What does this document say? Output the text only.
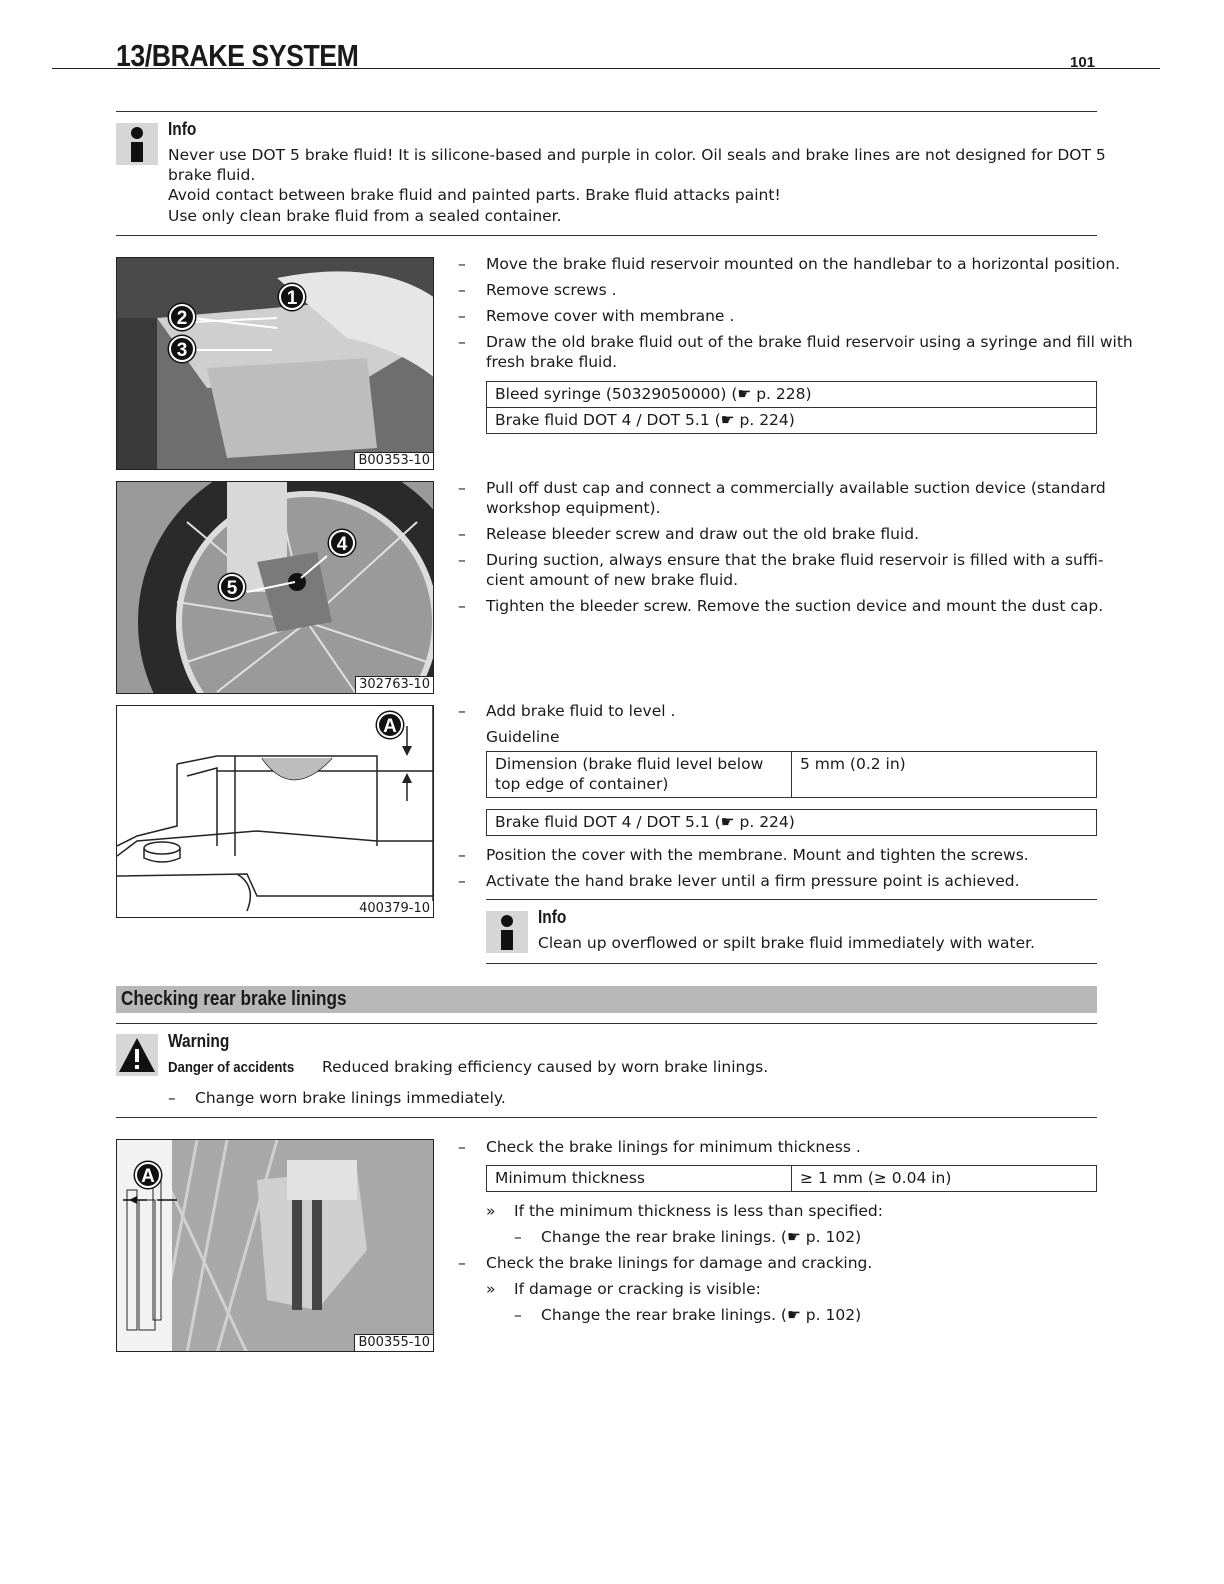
13/BRAKE SYSTEM	101
Info
Never use DOT 5 brake fluid! It is silicone-based and purple in color. Oil seals and brake lines are not designed for DOT 5
brake fluid.
Avoid contact between brake fluid and painted parts. Brake fluid attacks paint!
Use only clean brake fluid from a sealed container.
1
2
3
B00353-10
– Move the brake fluid reservoir mounted on the handlebar to a horizontal position.
– Remove screws .
– Remove cover with membrane .
– Draw the old brake fluid out of the brake fluid reservoir using a syringe and fill with
fresh brake fluid.
Bleed syringe (50329050000) (☛ p. 228)
Brake fluid DOT 4 / DOT 5.1 (☛ p. 224)
4
5
302763-10
– Pull off dust cap and connect a commercially available suction device (standard
workshop equipment).
– Release bleeder screw and draw out the old brake fluid.
– During suction, always ensure that the brake fluid reservoir is filled with a suffi-
cient amount of new brake fluid.
– Tighten the bleeder screw. Remove the suction device and mount the dust cap.
A
400379-10
– Add brake fluid to level .
Guideline
Dimension (brake fluid level below
top edge of container)
	5 mm (0.2 in)
Brake fluid DOT 4 / DOT 5.1 (☛ p. 224)
– Position the cover with the membrane. Mount and tighten the screws.
– Activate the hand brake lever until a firm pressure point is achieved.
Info
Clean up overflowed or spilt brake fluid immediately with water.
Checking rear brake linings
Warning
Danger of accidents Reduced braking efficiency caused by worn brake linings.
– Change worn brake linings immediately.
A
B00355-10
– Check the brake linings for minimum thickness .
Minimum thickness	≥ 1 mm (≥ 0.04 in)
» If the minimum thickness is less than specified:
– Change the rear brake linings. (☛ p. 102)
– Check the brake linings for damage and cracking.
» If damage or cracking is visible:
– Change the rear brake linings. (☛ p. 102)
